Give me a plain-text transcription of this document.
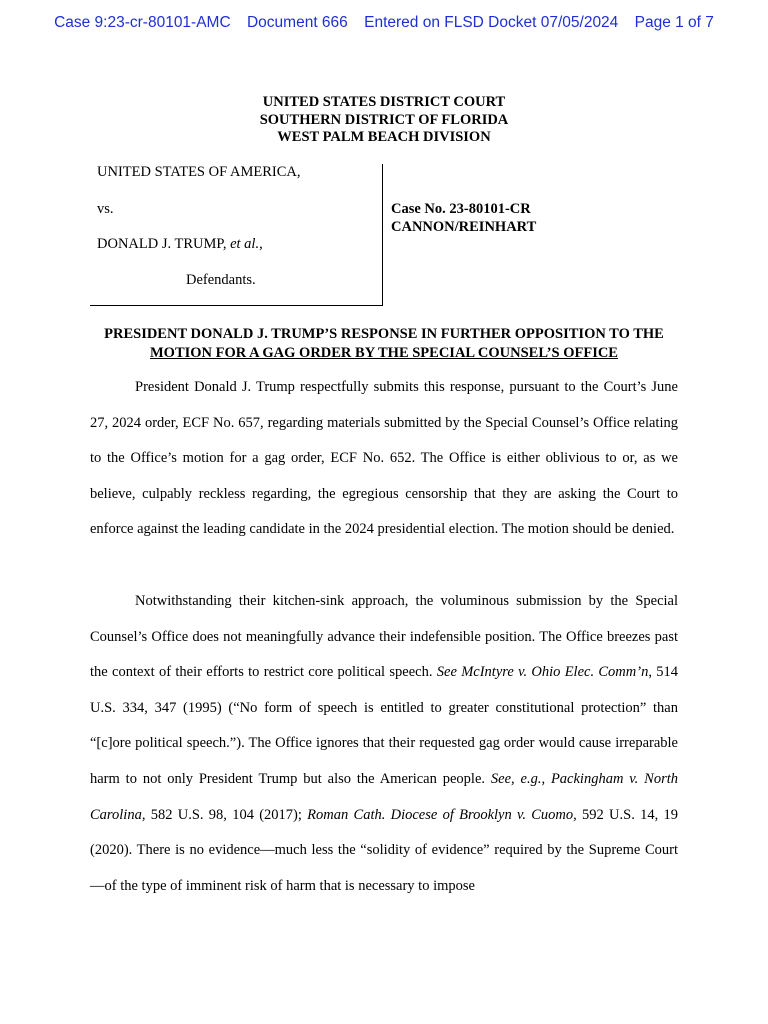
Case 9:23-cr-80101-AMC Document 666 Entered on FLSD Docket 07/05/2024 Page 1 of 7
UNITED STATES DISTRICT COURT
SOUTHERN DISTRICT OF FLORIDA
WEST PALM BEACH DIVISION
UNITED STATES OF AMERICA,
vs.
DONALD J. TRUMP, et al.,
Defendants.
Case No. 23-80101-CR
CANNON/REINHART
PRESIDENT DONALD J. TRUMP’S RESPONSE IN FURTHER OPPOSITION TO THE
MOTION FOR A GAG ORDER BY THE SPECIAL COUNSEL’S OFFICE
President Donald J. Trump respectfully submits this response, pursuant to the Court’s June 27, 2024 order, ECF No. 657, regarding materials submitted by the Special Counsel’s Office relating to the Office’s motion for a gag order, ECF No. 652. The Office is either oblivious to or, as we believe, culpably reckless regarding, the egregious censorship that they are asking the Court to enforce against the leading candidate in the 2024 presidential election. The motion should be denied.
Notwithstanding their kitchen-sink approach, the voluminous submission by the Special Counsel’s Office does not meaningfully advance their indefensible position. The Office breezes past the context of their efforts to restrict core political speech. See McIntyre v. Ohio Elec. Comm’n, 514 U.S. 334, 347 (1995) (“No form of speech is entitled to greater constitutional protection” than “[c]ore political speech.”). The Office ignores that their requested gag order would cause irreparable harm to not only President Trump but also the American people. See, e.g., Packingham v. North Carolina, 582 U.S. 98, 104 (2017); Roman Cath. Diocese of Brooklyn v. Cuomo, 592 U.S. 14, 19 (2020). There is no evidence—much less the “solidity of evidence” required by the Supreme Court—of the type of imminent risk of harm that is necessary to impose
